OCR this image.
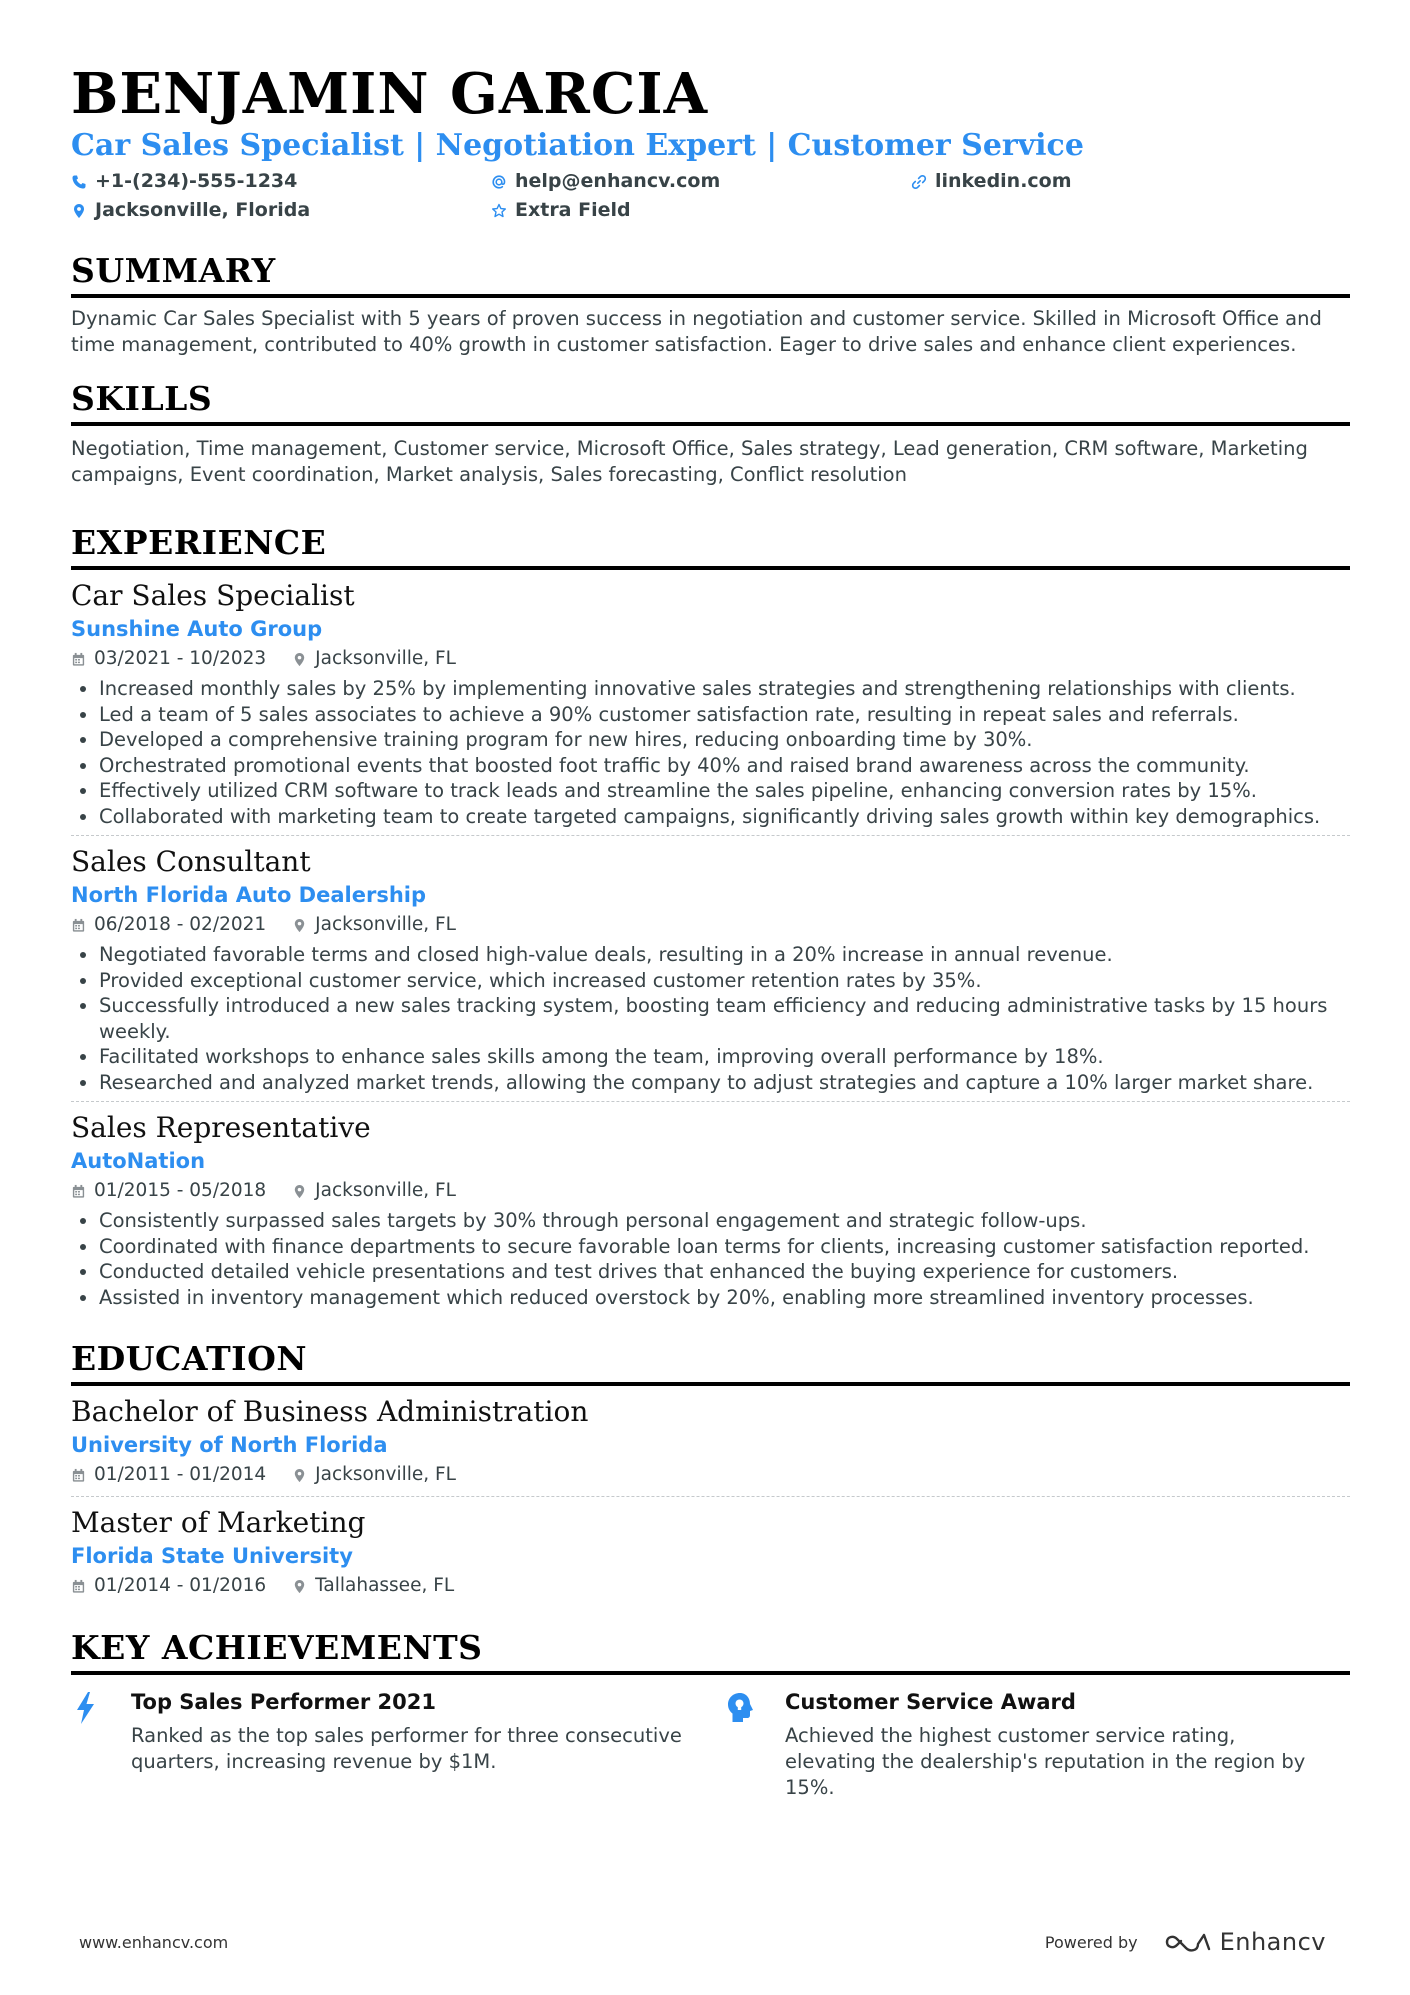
BENJAMIN GARCIA
Car Sales Specialist | Negotiation Expert | Customer Service
+1-(234)-555-1234	help@enhancv.com	linkedin.com
Jacksonville, Florida	Extra Field
SUMMARY
Dynamic Car Sales Specialist with 5 years of proven success in negotiation and customer service. Skilled in Microsoft Office and time management, contributed to 40% growth in customer satisfaction. Eager to drive sales and enhance client experiences.
SKILLS
Negotiation, Time management, Customer service, Microsoft Office, Sales strategy, Lead generation, CRM software, Marketing campaigns, Event coordination, Market analysis, Sales forecasting, Conflict resolution
EXPERIENCE
Car Sales Specialist
Sunshine Auto Group
03/2021 - 10/2023	Jacksonville, FL
• Increased monthly sales by 25% by implementing innovative sales strategies and strengthening relationships with clients.
• Led a team of 5 sales associates to achieve a 90% customer satisfaction rate, resulting in repeat sales and referrals.
• Developed a comprehensive training program for new hires, reducing onboarding time by 30%.
• Orchestrated promotional events that boosted foot traffic by 40% and raised brand awareness across the community.
• Effectively utilized CRM software to track leads and streamline the sales pipeline, enhancing conversion rates by 15%.
• Collaborated with marketing team to create targeted campaigns, significantly driving sales growth within key demographics.
Sales Consultant
North Florida Auto Dealership
06/2018 - 02/2021	Jacksonville, FL
• Negotiated favorable terms and closed high-value deals, resulting in a 20% increase in annual revenue.
• Provided exceptional customer service, which increased customer retention rates by 35%.
• Successfully introduced a new sales tracking system, boosting team efficiency and reducing administrative tasks by 15 hours weekly.
• Facilitated workshops to enhance sales skills among the team, improving overall performance by 18%.
• Researched and analyzed market trends, allowing the company to adjust strategies and capture a 10% larger market share.
Sales Representative
AutoNation
01/2015 - 05/2018	Jacksonville, FL
• Consistently surpassed sales targets by 30% through personal engagement and strategic follow-ups.
• Coordinated with finance departments to secure favorable loan terms for clients, increasing customer satisfaction reported.
• Conducted detailed vehicle presentations and test drives that enhanced the buying experience for customers.
• Assisted in inventory management which reduced overstock by 20%, enabling more streamlined inventory processes.
EDUCATION
Bachelor of Business Administration
University of North Florida
01/2011 - 01/2014	Jacksonville, FL
Master of Marketing
Florida State University
01/2014 - 01/2016	Tallahassee, FL
KEY ACHIEVEMENTS
Top Sales Performer 2021
Ranked as the top sales performer for three consecutive quarters, increasing revenue by $1M.
Customer Service Award
Achieved the highest customer service rating, elevating the dealership's reputation in the region by 15%.
www.enhancv.com	Powered by	Enhancv
